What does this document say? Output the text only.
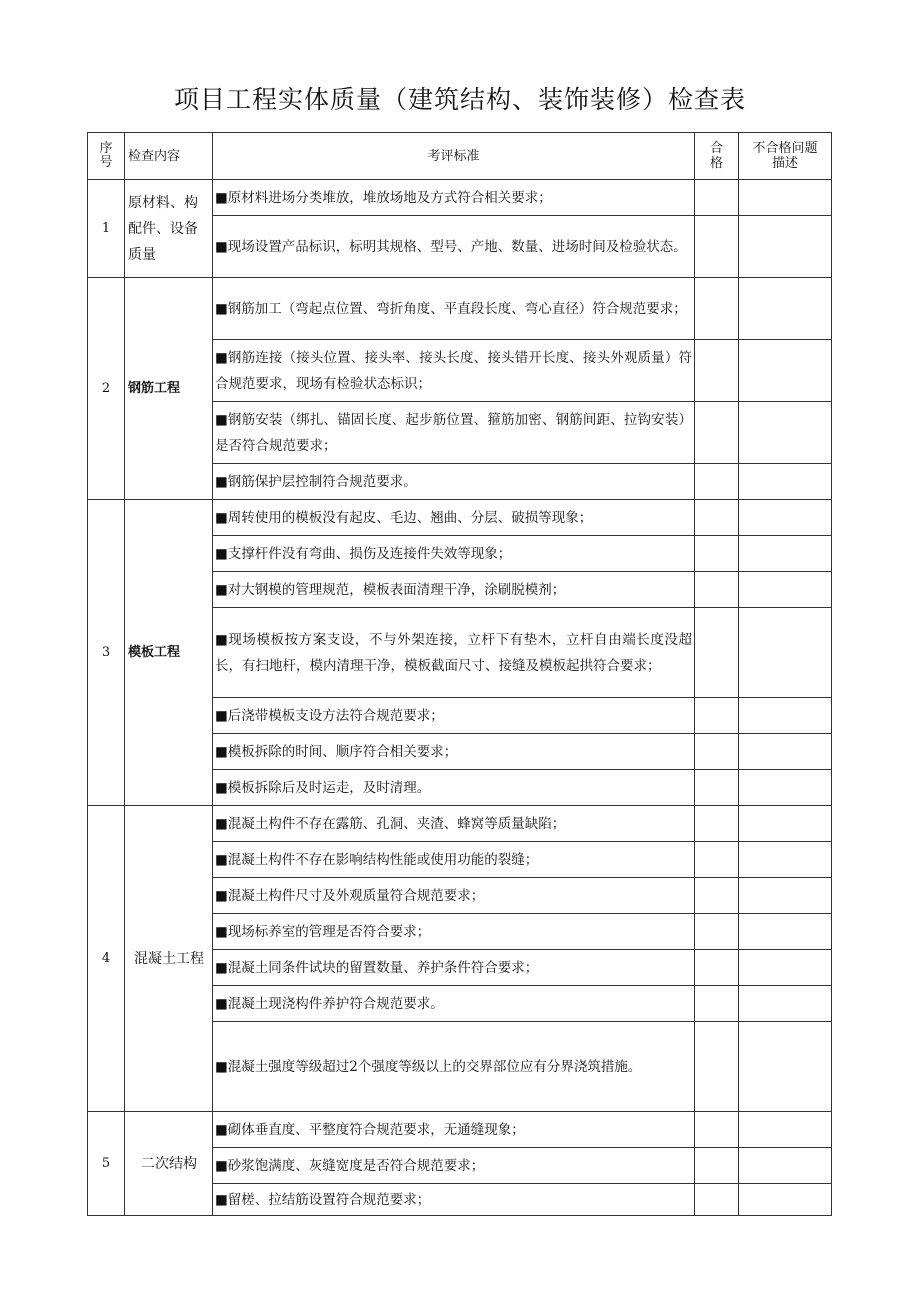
项目工程实体质量（建筑结构、装饰装修）检查表
序号	检查内容	考评标准	合格	不合格问题描述
1	原材料、构配件、设备质量	■原材料进场分类堆放，堆放场地及方式符合相关要求；		
		■现场设置产品标识，标明其规格、型号、产地、数量、进场时间及检验状态。		
2	钢筋工程	■钢筋加工（弯起点位置、弯折角度、平直段长度、弯心直径）符合规范要求；		
		■钢筋连接（接头位置、接头率、接头长度、接头错开长度、接头外观质量）符合规范要求，现场有检验状态标识；		
		■钢筋安装（绑扎、锚固长度、起步筋位置、箍筋加密、钢筋间距、拉钩安装）是否符合规范要求；		
		■钢筋保护层控制符合规范要求。		
3	模板工程	■周转使用的模板没有起皮、毛边、翘曲、分层、破损等现象；		
		■支撑杆件没有弯曲、损伤及连接件失效等现象；		
		■对大钢模的管理规范，模板表面清理干净，涂刷脱模剂；		
		■现场模板按方案支设，不与外架连接，立杆下有垫木，立杆自由端长度没超长，有扫地杆，模内清理干净，模板截面尺寸、接缝及模板起拱符合要求；		
		■后浇带模板支设方法符合规范要求；		
		■模板拆除的时间、顺序符合相关要求；		
		■模板拆除后及时运走，及时清理。		
4	混凝土工程	■混凝土构件不存在露筋、孔洞、夹渣、蜂窝等质量缺陷；		
		■混凝土构件不存在影响结构性能或使用功能的裂缝；		
		■混凝土构件尺寸及外观质量符合规范要求；		
		■现场标养室的管理是否符合要求；		
		■混凝土同条件试块的留置数量、养护条件符合要求；		
		■混凝土现浇构件养护符合规范要求。		
		■混凝土强度等级超过2个强度等级以上的交界部位应有分界浇筑措施。		
5	二次结构	■砌体垂直度、平整度符合规范要求，无通缝现象；		
		■砂浆饱满度、灰缝宽度是否符合规范要求；		
		■留槎、拉结筋设置符合规范要求；		
